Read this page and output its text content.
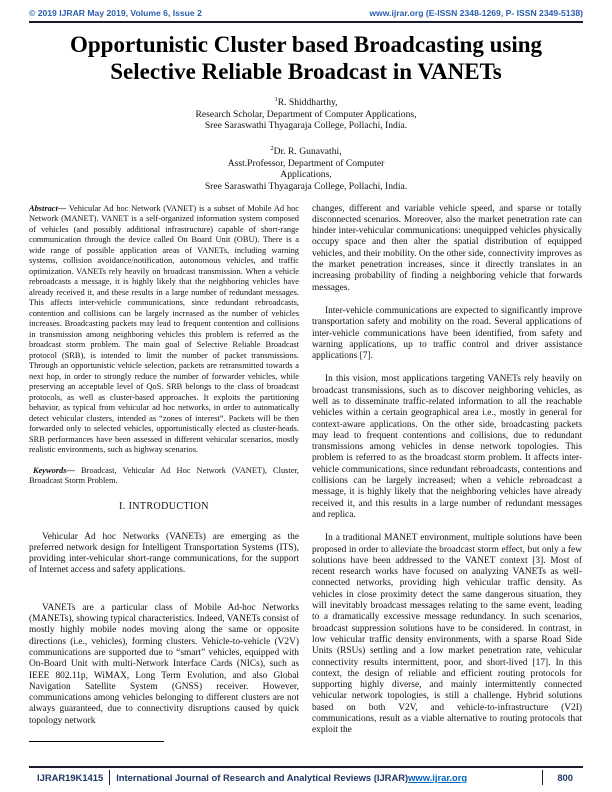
© 2019 IJRAR May 2019, Volume 6, Issue 2	www.ijrar.org (E-ISSN 2348-1269, P- ISSN 2349-5138)
Opportunistic Cluster based Broadcasting using
Selective Reliable Broadcast in VANETs
$^1$R. Shiddharthy,
Research Scholar, Department of Computer Applications,
Sree Saraswathi Thyagaraja College, Pollachi, India.
$^2$Dr. R. Gunavathi,
Asst.Professor, Department of Computer
Applications,
Sree Saraswathi Thyagaraja College, Pollachi, India.

Abstract— Vehicular Ad hoc Network (VANET) is a subset of Mobile Ad hoc Network (MANET). VANET is a self-organized information system composed of vehicles (and possibly additional infrastructure) capable of short-range communication through the device called On Board Unit (OBU). There is a wide range of possible application areas of VANETs, including warning systems, collision avoidance/notification, autonomous vehicles, and traffic optimization. VANETs rely heavily on broadcast transmission. When a vehicle rebroadcasts a message, it is highly likely that the neighboring vehicles have already received it, and these results in a large number of redundant messages. This affects inter-vehicle communications, since redundant rebroadcasts, contention and collisions can be largely increased as the number of vehicles increases. Broadcasting packets may lead to frequent contention and collisions in transmission among neighboring vehicles this problem is referred as the broadcast storm problem. The main goal of Selective Reliable Broadcast protocol (SRB), is intended to limit the number of packet transmissions. Through an opportunistic vehicle selection, packets are retransmitted towards a next hop, in order to strongly reduce the number of forwarder vehicles, while preserving an acceptable level of QoS. SRB belongs to the class of broadcast protocols, as well as cluster-based approaches. It exploits the partitioning behavior, as typical from vehicular ad hoc networks, in order to automatically detect vehicular clusters, intended as “zones of interest”. Packets will be then forwarded only to selected vehicles, opportunistically elected as cluster-heads. SRB performances have been assessed in different vehicular scenarios, mostly realistic environments, such as highway scenarios.

Keywords— Broadcast, Vehicular Ad Hoc Network (VANET), Cluster, Broadcast Storm Problem.

I. INTRODUCTION

Vehicular Ad hoc Networks (VANETs) are emerging as the preferred network design for Intelligent Transportation Systems (ITS), providing inter-vehicular short-range communications, for the support of Internet access and safety applications.

VANETs are a particular class of Mobile Ad-hoc Networks (MANETs), showing typical characteristics. Indeed, VANETs consist of mostly highly mobile nodes moving along the same or opposite directions (i.e., vehicles), forming clusters. Vehicle-to-vehicle (V2V) communications are supported due to “smart” vehicles, equipped with On-Board Unit with multi-Network Interface Cards (NICs), such as IEEE 802.11p, WiMAX, Long Term Evolution, and also Global Navigation Satellite System (GNSS) receiver. However, communications among vehicles belonging to different clusters are not always guaranteed, due to connectivity disruptions caused by quick topology network

changes, different and variable vehicle speed, and sparse or totally disconnected scenarios. Moreover, also the market penetration rate can hinder inter-vehicular communications: unequipped vehicles physically occupy space and then alter the spatial distribution of equipped vehicles, and their mobility. On the other side, connectivity improves as the market penetration increases, since it directly translates in an increasing probability of finding a neighboring vehicle that forwards messages.

Inter-vehicle communications are expected to significantly improve transportation safety and mobility on the road. Several applications of inter-vehicle communications have been identified, from safety and warning applications, up to traffic control and driver assistance applications [7].

In this vision, most applications targeting VANETs rely heavily on broadcast transmissions, such as to discover neighboring vehicles, as well as to disseminate traffic-related information to all the reachable vehicles within a certain geographical area i.e., mostly in general for context-aware applications. On the other side, broadcasting packets may lead to frequent contentions and collisions, due to redundant transmissions among vehicles in dense network topologies. This problem is referred to as the broadcast storm problem. It affects inter-vehicle communications, since redundant rebroadcasts, contentions and collisions can be largely increased; when a vehicle rebroadcast a message, it is highly likely that the neighboring vehicles have already received it, and this results in a large number of redundant messages and replica.

In a traditional MANET environment, multiple solutions have been proposed in order to alleviate the broadcast storm effect, but only a few solutions have been addressed to the VANET context [3]. Most of recent research works have focused on analyzing VANETs as well-connected networks, providing high vehicular traffic density. As vehicles in close proximity detect the same dangerous situation, they will inevitably broadcast messages relating to the same event, leading to a dramatically excessive message redundancy. In such scenarios, broadcast suppression solutions have to be considered. In contrast, in low vehicular traffic density environments, with a sparse Road Side Units (RSUs) settling and a low market penetration rate, vehicular connectivity results intermittent, poor, and short-lived [17]. In this context, the design of reliable and efficient routing protocols for supporting highly diverse, and mainly intermittently connected vehicular network topologies, is still a challenge. Hybrid solutions based on both V2V, and vehicle-to-infrastructure (V2I) communications, result as a viable alternative to routing protocols that exploit the

IJRAR19K1415 International Journal of Research and Analytical Reviews (IJRAR)www.ijrar.org	800
